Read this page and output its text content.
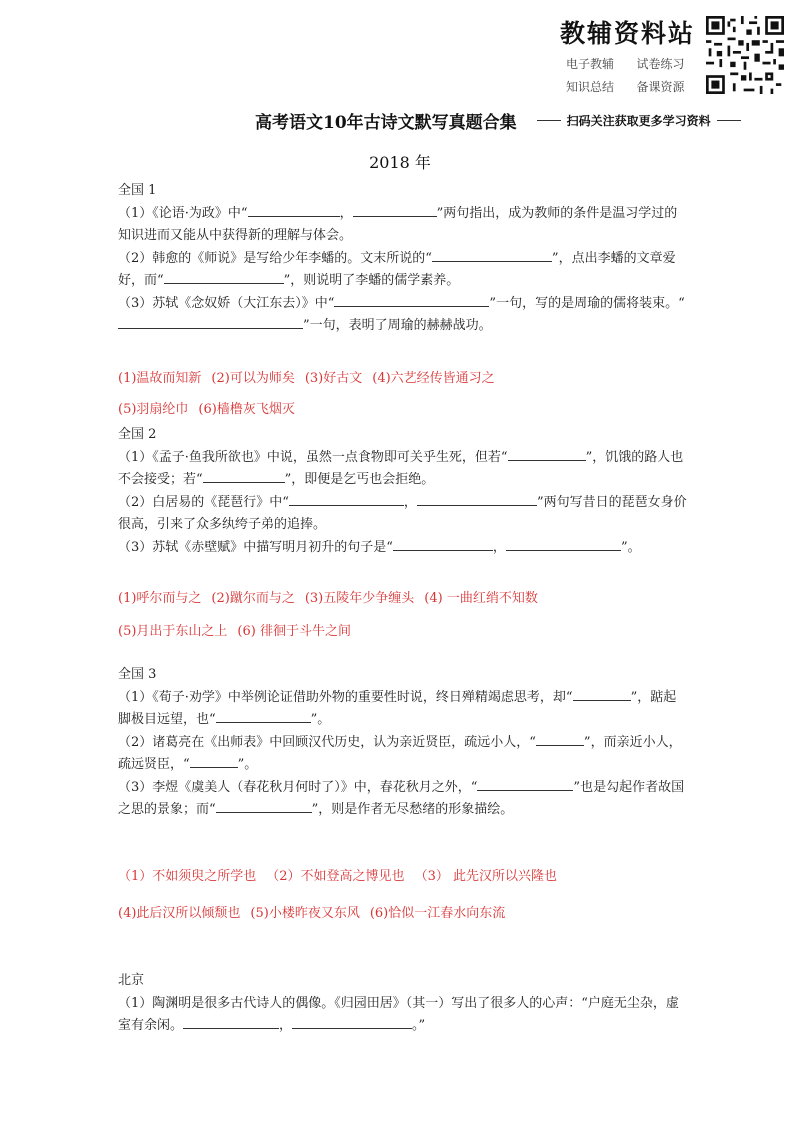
教辅资料站
电子教辅	试卷练习
知识总结	备课资源
高考语文10年古诗文默写真题合集	扫码关注获取更多学习资料
2018 年

全国 1

（1）《论语·为政》中“	，	”两句指出，成为教师的条件是温习学过的知识进而又能从中获得新的理解与体会。

（2）韩愈的《师说》是写给少年李蟠的。文末所说的“	”，点出李蟠的文章爱好，而“	”，则说明了李蟠的儒学素养。

（3）苏轼《念奴娇（大江东去）》中“	”一句，写的是周瑜的儒将装束。“”一句，表明了周瑜的赫赫战功。

(1)温故而知新 (2)可以为师矣 (3)好古文 (4)六艺经传皆通习之
(5)羽扇纶巾 (6)樯橹灰飞烟灭

全国 2

（1）《孟子·鱼我所欲也》中说，虽然一点食物即可关乎生死，但若“	”，饥饿的路人也不会接受；若“	”，即便是乞丐也会拒绝。

（2）白居易的《琵琶行》中“	，	”两句写昔日的琵琶女身价很高，引来了众多纨绔子弟的追捧。

（3）苏轼《赤壁赋》中描写明月初升的句子是“	，	”。

(1)呼尔而与之 (2)蹴尔而与之 (3)五陵年少争缠头 (4) 一曲红绡不知数
(5)月出于东山之上 (6) 徘徊于斗牛之间

全国 3

（1）《荀子·劝学》中举例论证借助外物的重要性时说，终日殚精竭虑思考，却“	”，踮起脚极目远望，也“	”。

（2）诸葛亮在《出师表》中回顾汉代历史，认为亲近贤臣，疏远小人，“	”，而亲近小人，疏远贤臣，“	”。

（3）李煜《虞美人（春花秋月何时了）》中，春花秋月之外，“	”也是勾起作者故国之思的景象；而“	”，则是作者无尽愁绪的形象描绘。

（1）不如须臾之所学也 （2）不如登高之博见也 （3） 此先汉所以兴隆也
(4)此后汉所以倾颓也 (5)小楼昨夜又东风 (6)恰似一江春水向东流

北京

（1）陶渊明是很多古代诗人的偶像。《归园田居》（其一）写出了很多人的心声：“户庭无尘杂，虚室有余闲。	，	。”
